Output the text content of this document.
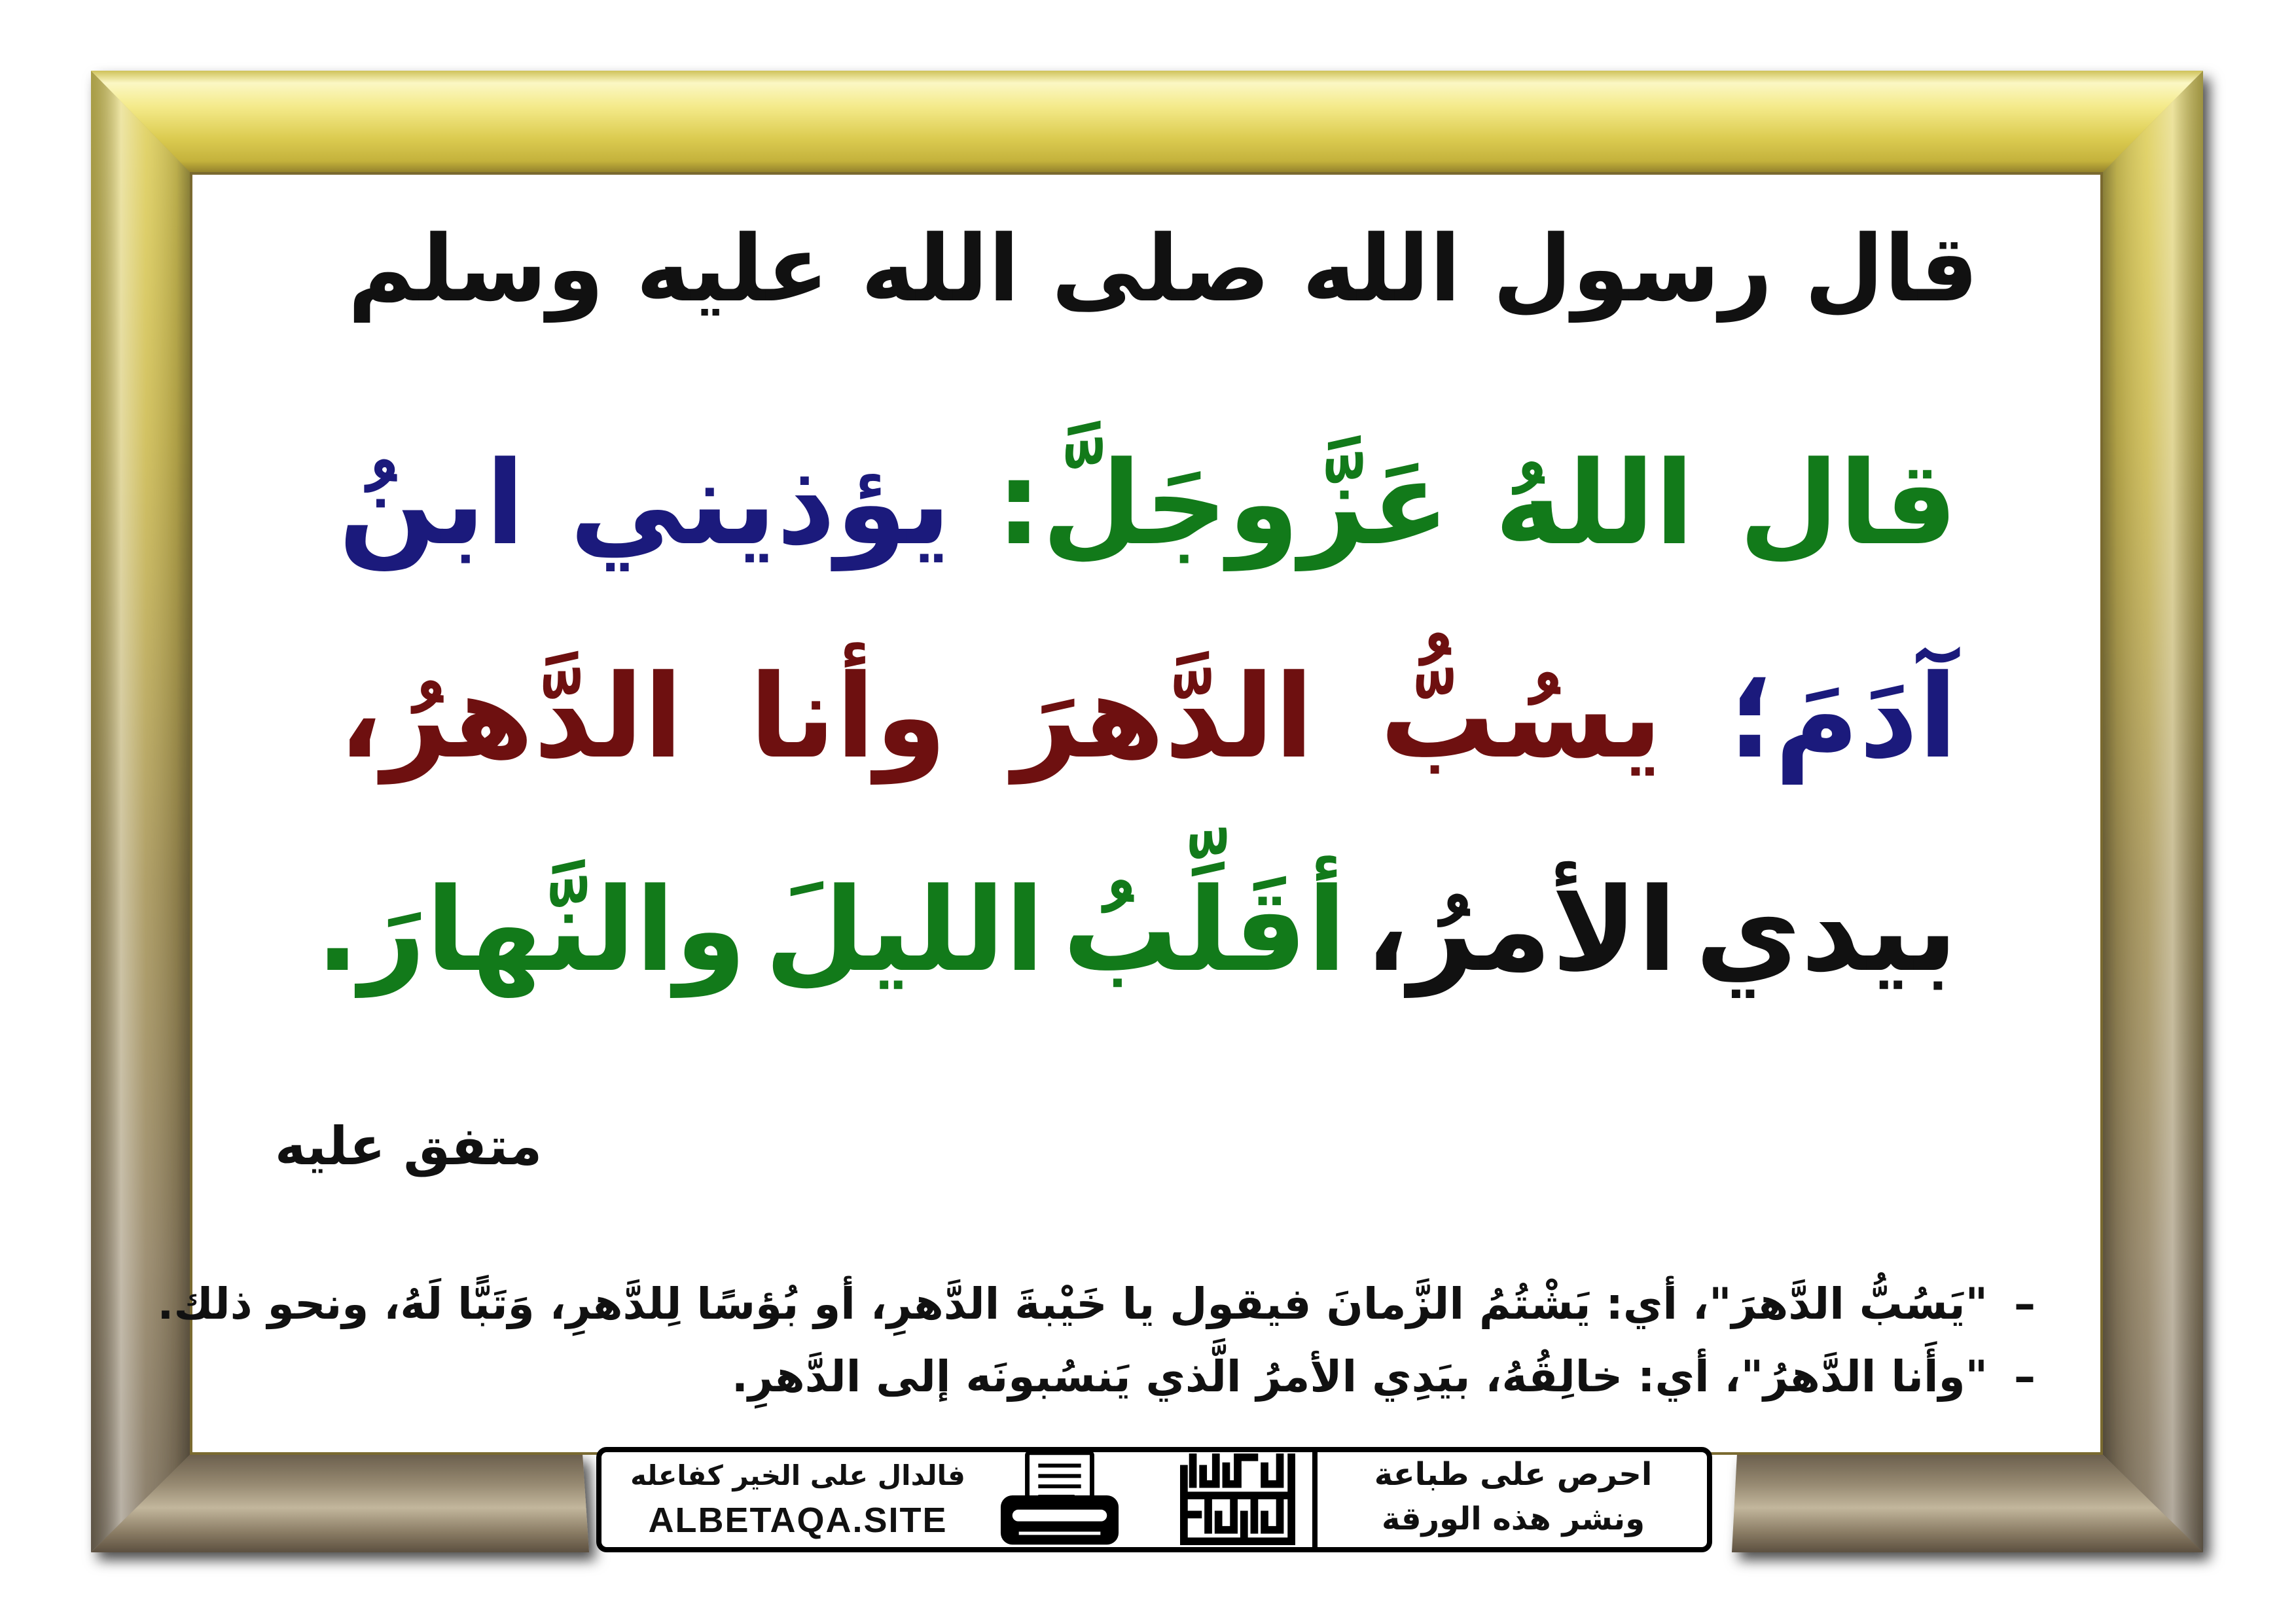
قال رسول الله صلى الله عليه وسلم
قال
اللهُ
عَزَّوجَلَّ:
يؤذيني
ابنُ
آدَمَ؛
يسُبُّ
الدَّهرَ
وأنا
الدَّهرُ،
بيدي
الأمرُ،
أقَلِّبُ
الليلَ
والنَّهارَ.
متفق عليه
–"يَسُبُّ الدَّهرَ"، أي: يَشْتُمُ الزَّمانَ فيقول يا خَيْبةَ الدَّهرِ، أو بُؤسًا لِلدَّهرِ، وَتَبًّا لَهُ، ونحو ذلك.
–"وأَنا الدَّهرُ"، أي: خالِقُهُ، بيَدِي الأمرُ الَّذي يَنسُبونَه إلى الدَّهرِ.
فالدال على الخير كفاعله
ALBETAQA.SITE
احرص على طباعة
ونشر هذه الورقة
